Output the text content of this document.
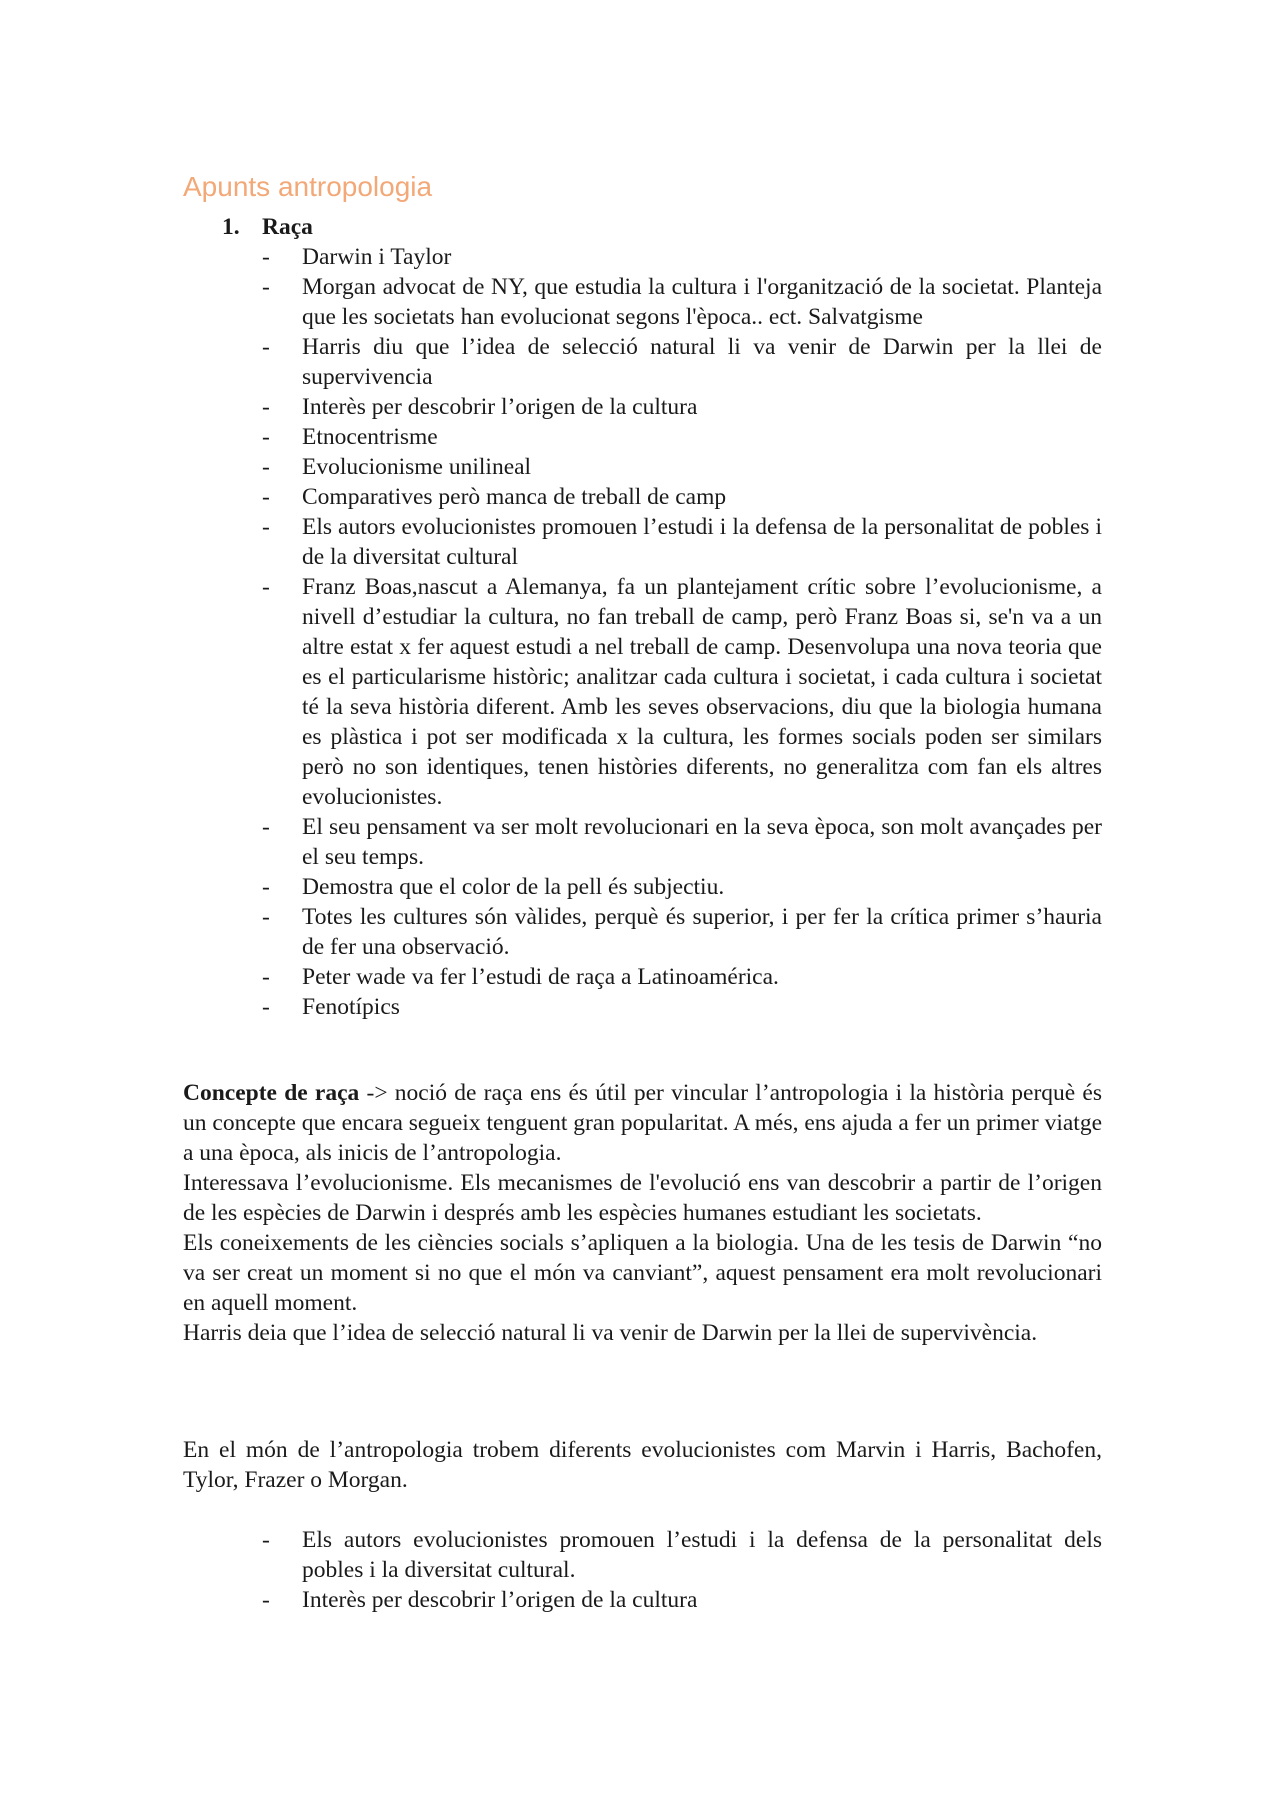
Apunts antropologia
1. Raça
-	Darwin i Taylor
-	Morgan advocat de NY, que estudia la cultura i l'organització de la societat. Planteja que les societats han evolucionat segons l'època.. ect. Salvatgisme
-	Harris diu que l’idea de selecció natural li va venir de Darwin per la llei de supervivencia
-	Interès per descobrir l’origen de la cultura
-	Etnocentrisme
-	Evolucionisme unilineal
-	Comparatives però manca de treball de camp
-	Els autors evolucionistes promouen l’estudi i la defensa de la personalitat de pobles i de la diversitat cultural
-	Franz Boas,nascut a Alemanya, fa un plantejament crític sobre l’evolucionisme, a nivell d’estudiar la cultura, no fan treball de camp, però Franz Boas si, se'n va a un altre estat x fer aquest estudi a nel treball de camp. Desenvolupa una nova teoria que es el particularisme històric; analitzar cada cultura i societat, i cada cultura i societat té la seva història diferent. Amb les seves observacions, diu que la biologia humana es plàstica i pot ser modificada x la cultura, les formes socials poden ser similars però no son identiques, tenen històries diferents, no generalitza com fan els altres evolucionistes.
-	El seu pensament va ser molt revolucionari en la seva època, son molt avançades per el seu temps.
-	Demostra que el color de la pell és subjectiu.
-	Totes les cultures són vàlides, perquè és superior, i per fer la crítica primer s’hauria de fer una observació.
-	Peter wade va fer l’estudi de raça a Latinoamérica.
-	Fenotípics

Concepte de raça -> noció de raça ens és útil per vincular l’antropologia i la història perquè és un concepte que encara segueix tenguent gran popularitat. A més, ens ajuda a fer un primer viatge a una època, als inicis de l’antropologia.

Interessava l’evolucionisme. Els mecanismes de l'evolució ens van descobrir a partir de l’origen de les espècies de Darwin i després amb les espècies humanes estudiant les societats.

Els coneixements de les ciències socials s’apliquen a la biologia. Una de les tesis de Darwin “no va ser creat un moment si no que el món va canviant”, aquest pensament era molt revolucionari en aquell moment.

Harris deia que l’idea de selecció natural li va venir de Darwin per la llei de supervivència.

En el món de l’antropologia trobem diferents evolucionistes com Marvin i Harris, Bachofen, Tylor, Frazer o Morgan.

-	Els autors evolucionistes promouen l’estudi i la defensa de la personalitat dels pobles i la diversitat cultural.
-	Interès per descobrir l’origen de la cultura
